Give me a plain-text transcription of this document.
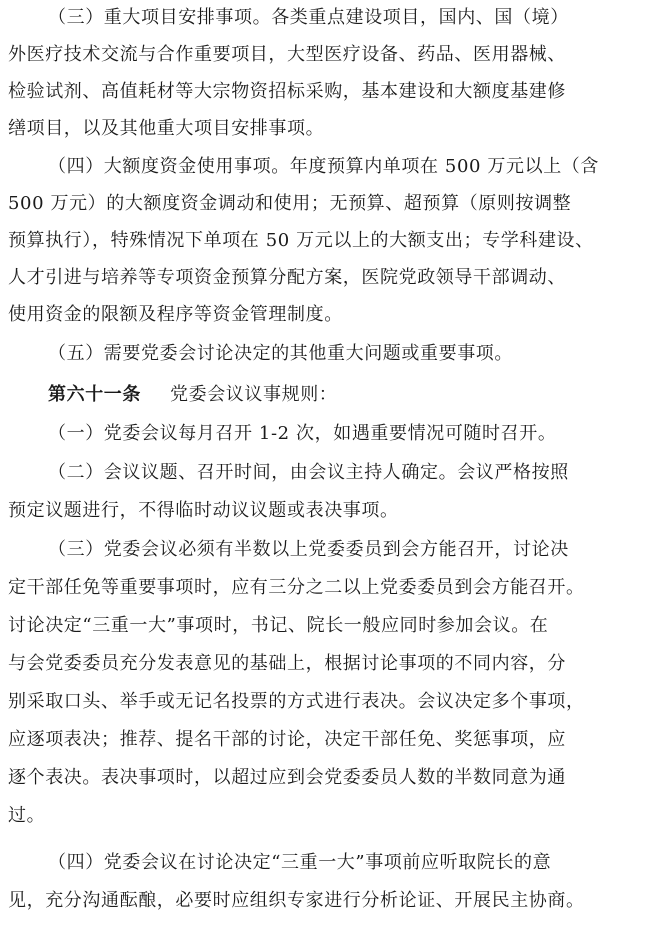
（三）重大项目安排事项。各类重点建设项目，国内、国（境）
外医疗技术交流与合作重要项目，大型医疗设备、药品、医用器械、
检验试剂、高值耗材等大宗物资招标采购，基本建设和大额度基建修
缮项目，以及其他重大项目安排事项。
（四）大额度资金使用事项。年度预算内单项在 500 万元以上（含
500 万元）的大额度资金调动和使用；无预算、超预算（原则按调整
预算执行），特殊情况下单项在 50 万元以上的大额支出；专学科建设、
人才引进与培养等专项资金预算分配方案，医院党政领导干部调动、
使用资金的限额及程序等资金管理制度。
（五）需要党委会讨论决定的其他重大问题或重要事项。
第六十一条 党委会议议事规则：
（一）党委会议每月召开 1-2 次，如遇重要情况可随时召开。
（二）会议议题、召开时间，由会议主持人确定。会议严格按照
预定议题进行，不得临时动议议题或表决事项。
（三）党委会议必须有半数以上党委委员到会方能召开，讨论决
定干部任免等重要事项时，应有三分之二以上党委委员到会方能召开。
讨论决定“三重一大”事项时，书记、院长一般应同时参加会议。在
与会党委委员充分发表意见的基础上，根据讨论事项的不同内容，分
别采取口头、举手或无记名投票的方式进行表决。会议决定多个事项，
应逐项表决；推荐、提名干部的讨论，决定干部任免、奖惩事项，应
逐个表决。表决事项时，以超过应到会党委委员人数的半数同意为通
过。
（四）党委会议在讨论决定“三重一大”事项前应听取院长的意
见，充分沟通酝酿，必要时应组织专家进行分析论证、开展民主协商。
